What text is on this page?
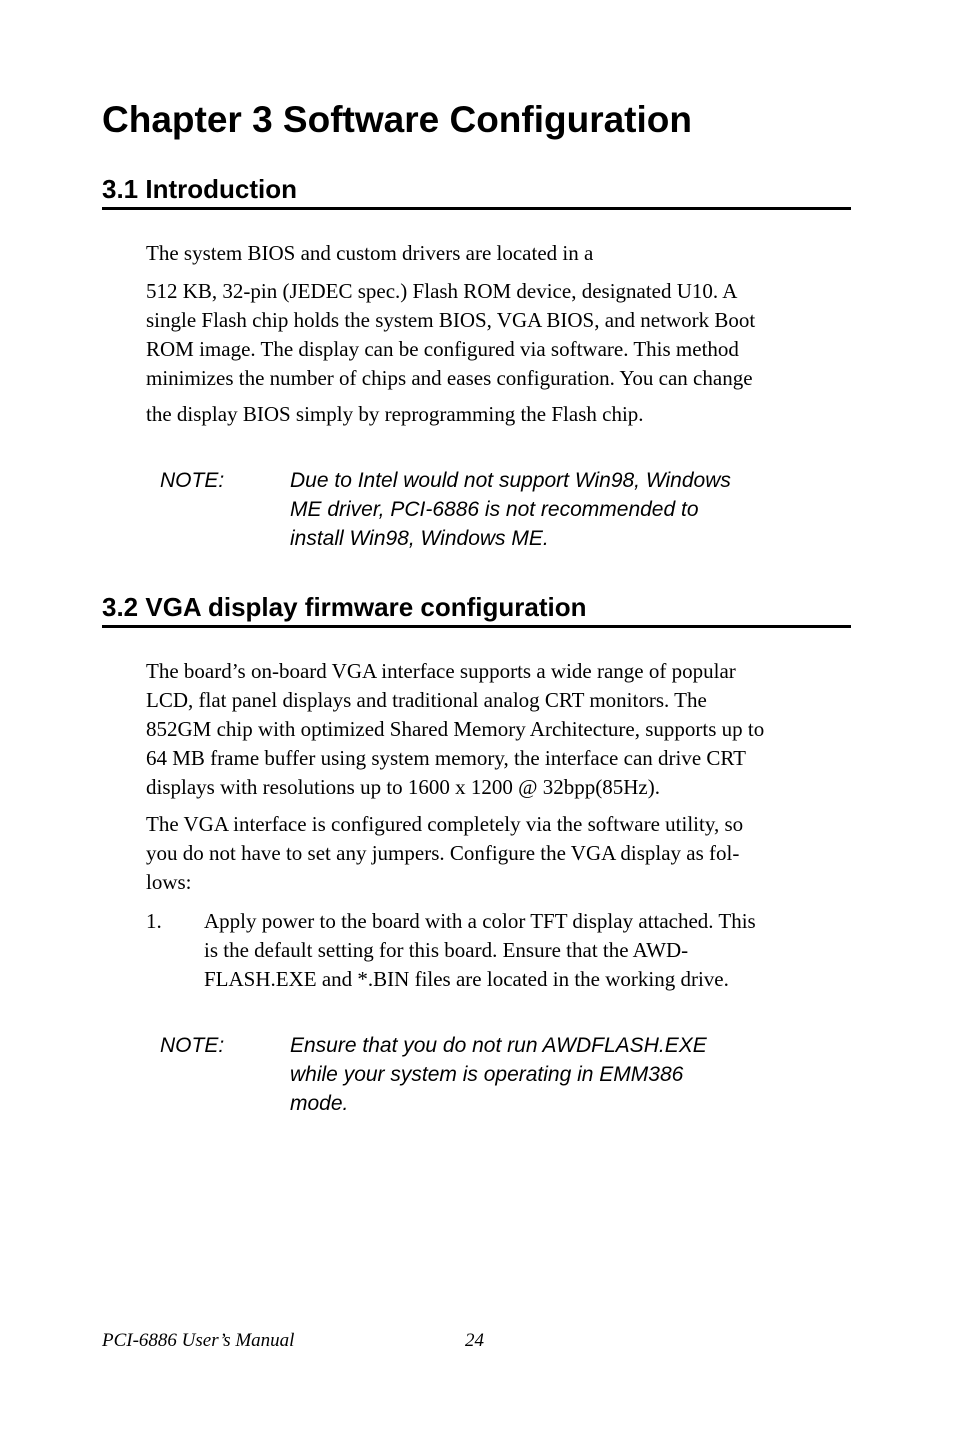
Chapter 3 Software Configuration
3.1 Introduction

The system BIOS and custom drivers are located in a

512 KB, 32-pin (JEDEC spec.) Flash ROM device, designated U10. A
single Flash chip holds the system BIOS, VGA BIOS, and network Boot
ROM image. The display can be configured via software. This method
minimizes the number of chips and eases configuration. You can change

the display BIOS simply by reprogramming the Flash chip.

NOTE:	Due to Intel would not support Win98, Windows
ME driver, PCI-6886 is not recommended to
install Win98, Windows ME.
3.2 VGA display firmware configuration

The board’s on-board VGA interface supports a wide range of popular
LCD, flat panel displays and traditional analog CRT monitors. The
852GM chip with optimized Shared Memory Architecture, supports up to
64 MB frame buffer using system memory, the interface can drive CRT
displays with resolutions up to 1600 x 1200 @ 32bpp(85Hz).

The VGA interface is configured completely via the software utility, so
you do not have to set any jumpers. Configure the VGA display as fol-
lows:

1. Apply power to the board with a color TFT display attached. This
is the default setting for this board. Ensure that the AWD-
FLASH.EXE and *.BIN files are located in the working drive.
NOTE:	Ensure that you do not run AWDFLASH.EXE
while your system is operating in EMM386
mode.
PCI-6886 User’s Manual	24
